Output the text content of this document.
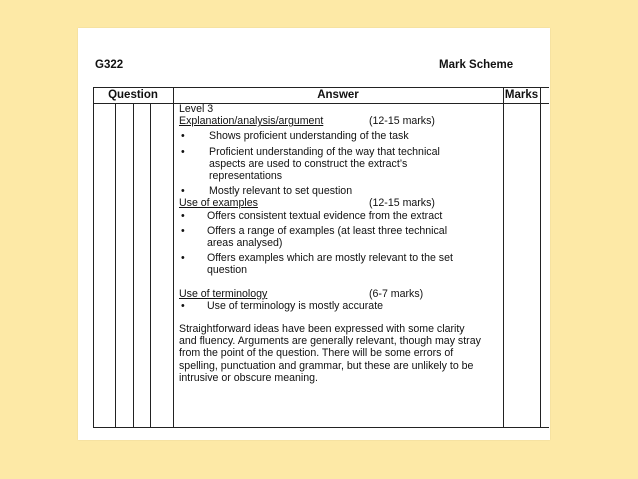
G322	Mark Scheme
Question	Answer	Marks
Level 3
Explanation/analysis/argument	(12-15 marks)
• Shows proficient understanding of the task
• Proficient understanding of the way that technical aspects are used to construct the extract’s representations
• Mostly relevant to set question
Use of examples	(12-15 marks)
• Offers consistent textual evidence from the extract
• Offers a range of examples (at least three technical areas analysed)
• Offers examples which are mostly relevant to the set question
Use of terminology	(6-7 marks)
• Use of terminology is mostly accurate
Straightforward ideas have been expressed with some clarity and fluency. Arguments are generally relevant, though may stray from the point of the question. There will be some errors of spelling, punctuation and grammar, but these are unlikely to be intrusive or obscure meaning.
